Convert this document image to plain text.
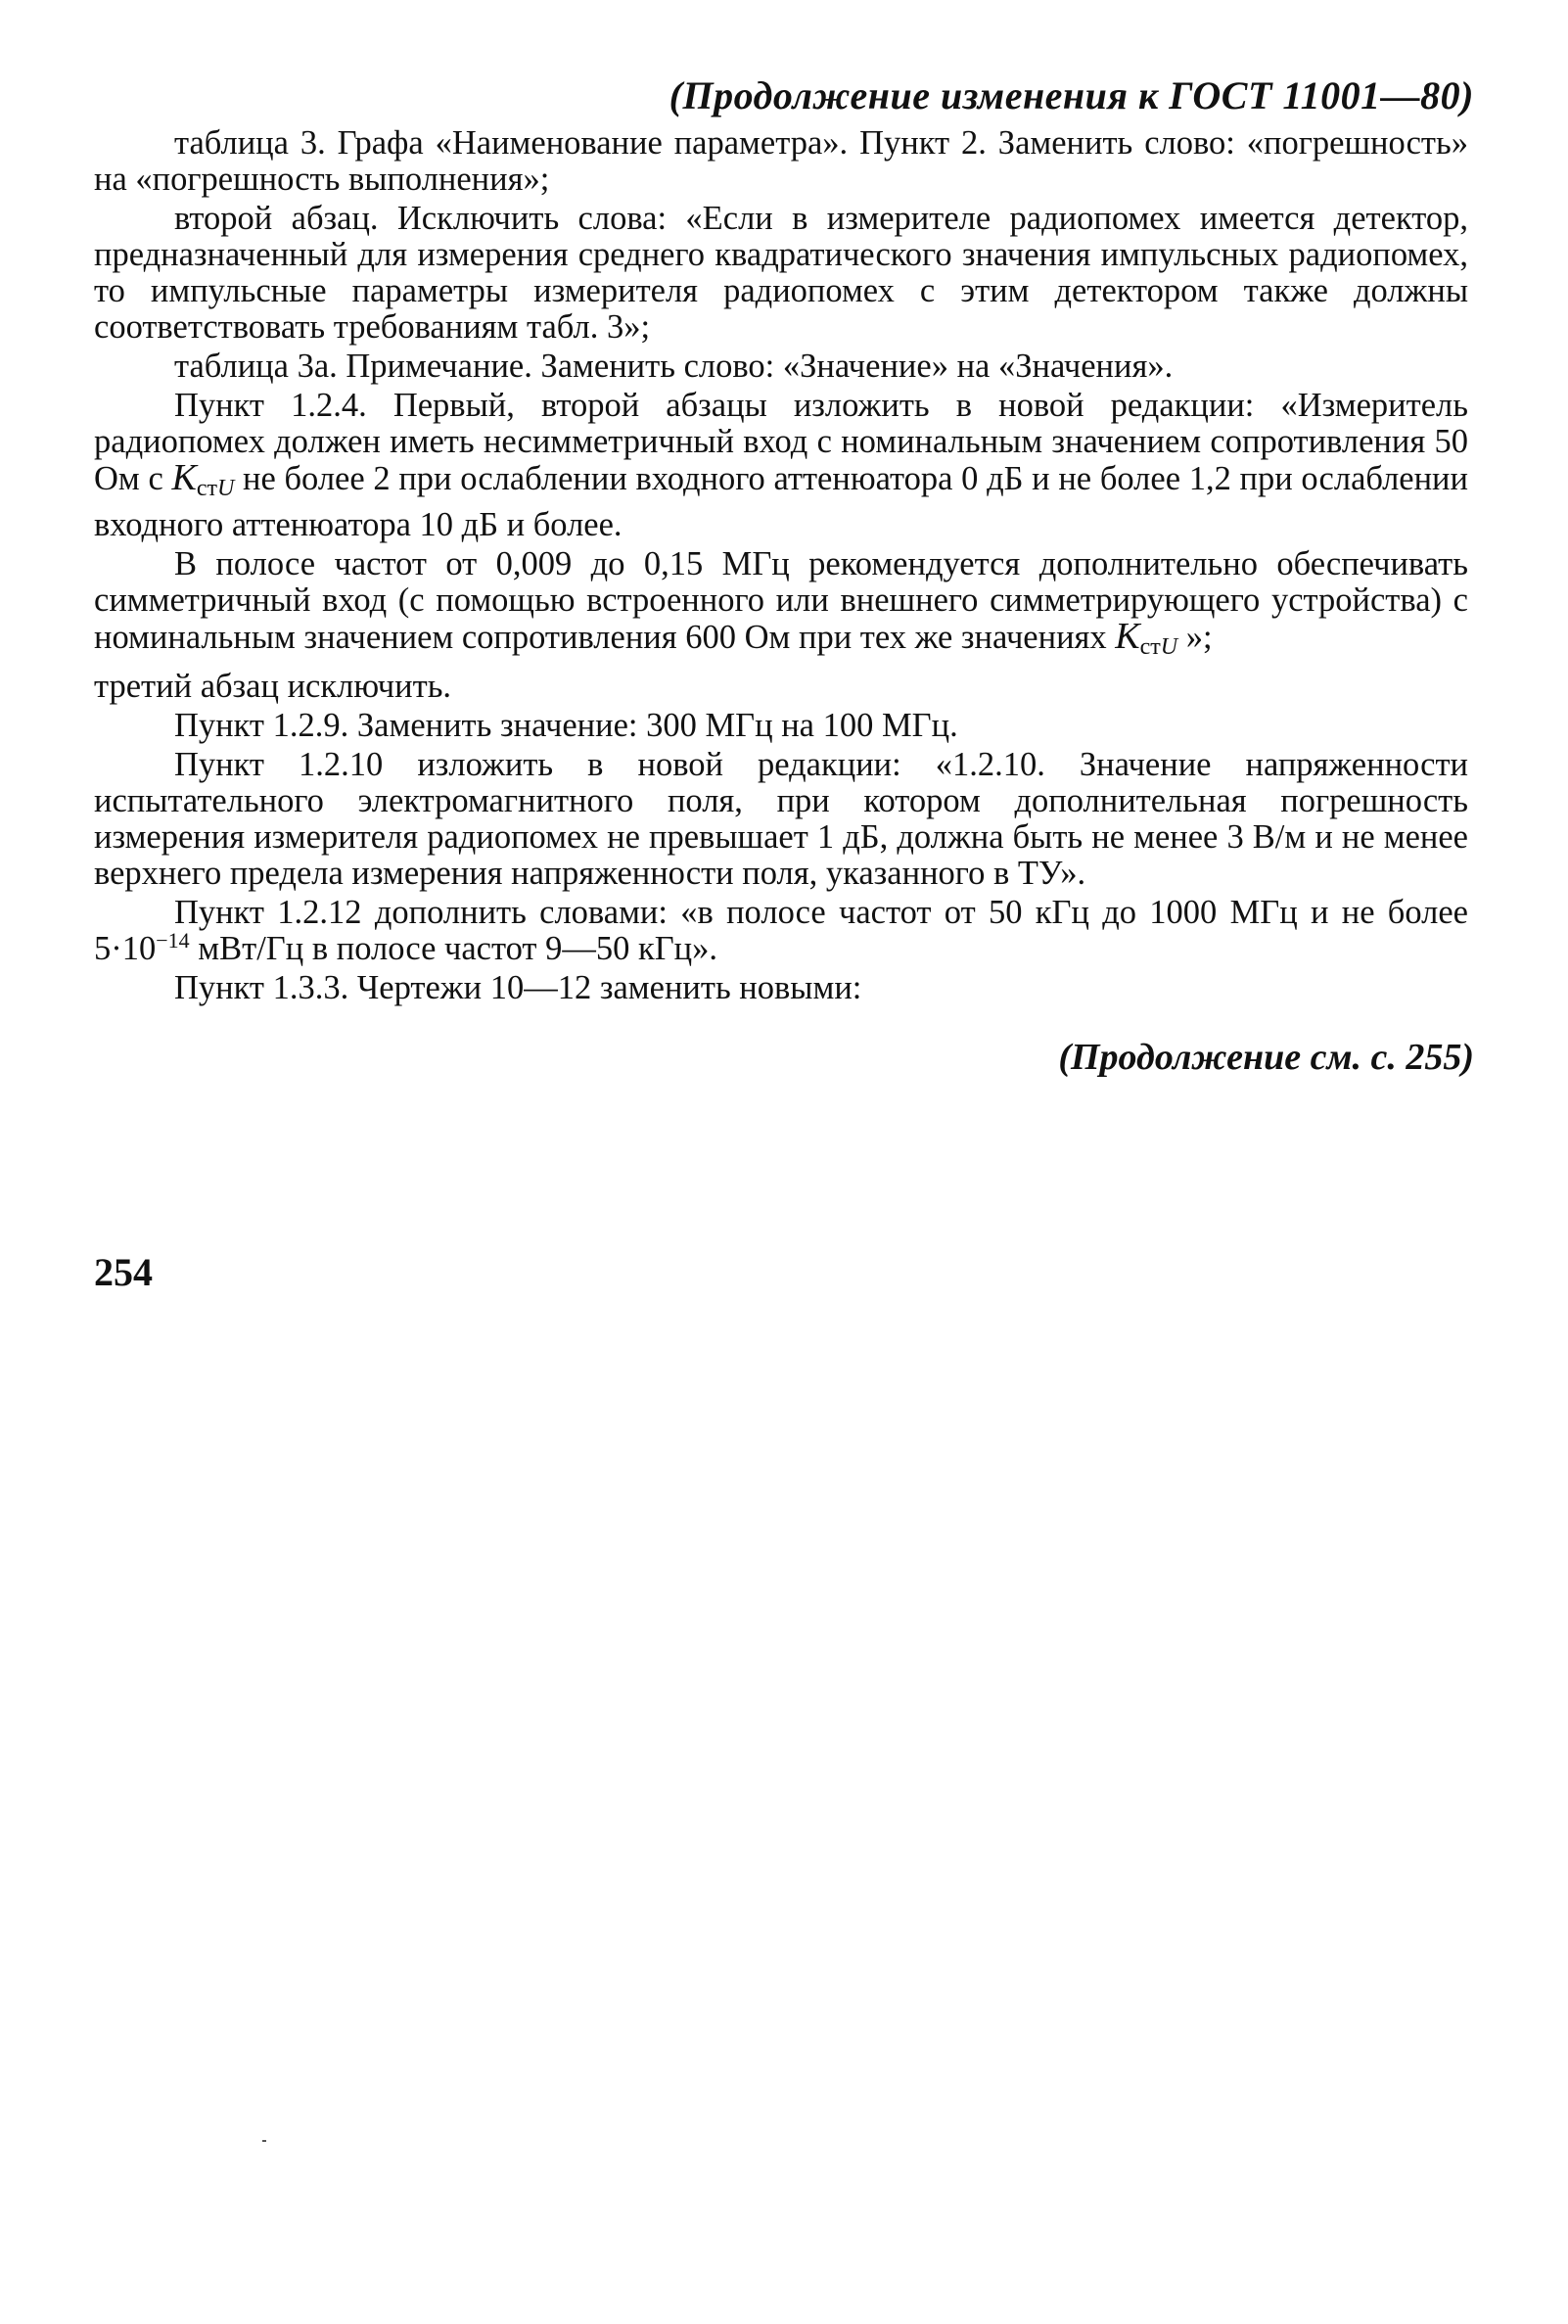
(Продолжение изменения к ГОСТ 11001—80)

таблица 3. Графа «Наименование параметра». Пункт 2. Заменить слово: «погрешность» на «погрешность выполнения»;

второй абзац. Исключить слова: «Если в измерителе радиопомех имеется детектор, предназначенный для измерения среднего квадратического значения импульсных радиопомех, то импульсные параметры измерителя радиопомех с этим детектором также должны соответствовать требованиям табл. 3»;

таблица 3а. Примечание. Заменить слово: «Значение» на «Значения».

Пункт 1.2.4. Первый, второй абзацы изложить в новой редакции: «Измеритель радиопомех должен иметь несимметричный вход с номинальным значением сопротивления 50 Ом с $K_{стU}$ не более 2 при ослаблении входного аттенюатора 0 дБ и не более 1,2 при ослаблении входного аттенюатора 10 дБ и более.

В полосе частот от 0,009 до 0,15 МГц рекомендуется дополнительно обеспечивать симметричный вход (с помощью встроенного или внешнего симметрирующего устройства) с номинальным значением сопротивления 600 Ом при тех же значениях $K_{стU}$ »;

третий абзац исключить.

Пункт 1.2.9. Заменить значение: 300 МГц на 100 МГц.

Пункт 1.2.10 изложить в новой редакции: «1.2.10. Значение напряженности испытательного электромагнитного поля, при котором дополнительная погрешность измерения измерителя радиопомех не превышает 1 дБ, должна быть не менее 3 В/м и не менее верхнего предела измерения напряженности поля, указанного в ТУ».

Пункт 1.2.12 дополнить словами: «в полосе частот от 50 кГц до 1000 МГц и не более $5\cdot 10^{-14}$ мВт/Гц в полосе частот 9—50 кГц».

Пункт 1.3.3. Чертежи 10—12 заменить новыми:

(Продолжение см. с. 255)
254
